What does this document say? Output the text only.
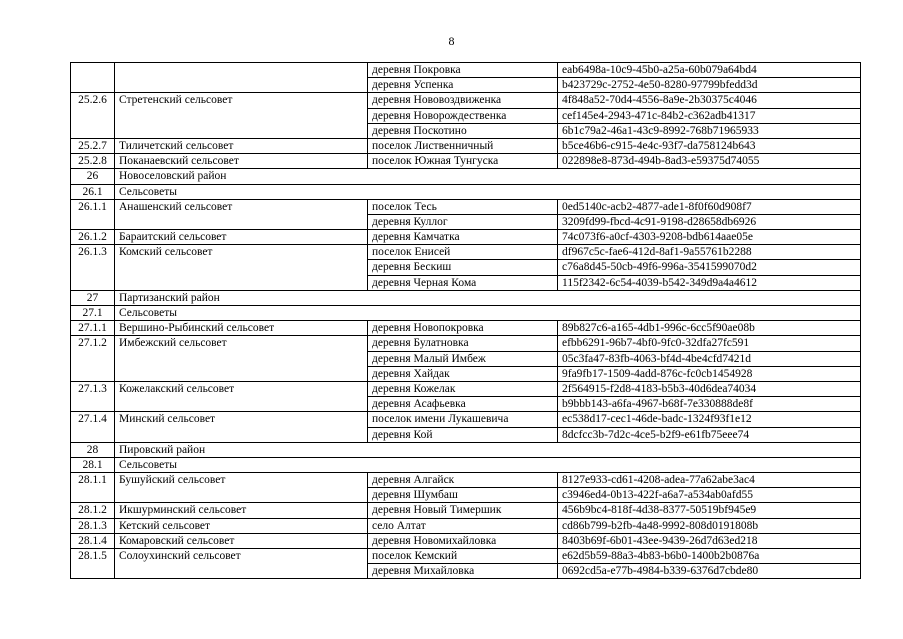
8
		деревня Покровка	eab6498a-10c9-45b0-a25a-60b079a64bd4
		деревня Успенка	b423729c-2752-4e50-8280-97799bfedd3d
25.2.6	Стретенский сельсовет	деревня Нововоздвиженка	4f848a52-70d4-4556-8a9e-2b30375c4046
		деревня Новорождественка	cef145e4-2943-471c-84b2-c362adb41317
		деревня Поскотино	6b1c79a2-46a1-43c9-8992-768b71965933
25.2.7	Тиличетский сельсовет	поселок Лиственничный	b5ce46b6-c915-4e4c-93f7-da758124b643
25.2.8	Поканаевский сельсовет	поселок Южная Тунгуска	022898e8-873d-494b-8ad3-e59375d74055
26	Новоселовский район		
26.1	Сельсоветы		
26.1.1	Анашенский сельсовет	поселок Тесь	0ed5140c-acb2-4877-ade1-8f0f60d908f7
		деревня Куллог	3209fd99-fbcd-4c91-9198-d28658db6926
26.1.2	Бараитский сельсовет	деревня Камчатка	74c073f6-a0cf-4303-9208-bdb614aae05e
26.1.3	Комский сельсовет	поселок Енисей	df967c5c-fae6-412d-8af1-9a55761b2288
		деревня Бескиш	c76a8d45-50cb-49f6-996a-3541599070d2
		деревня Черная Кома	115f2342-6c54-4039-b542-349d9a4a4612
27	Партизанский район		
27.1	Сельсоветы		
27.1.1	Вершино-Рыбинский сельсовет	деревня Новопокровка	89b827c6-a165-4db1-996c-6cc5f90ae08b
27.1.2	Имбежский сельсовет	деревня Булатновка	efbb6291-96b7-4bf0-9fc0-32dfa27fc591
		деревня Малый Имбеж	05c3fa47-83fb-4063-bf4d-4be4cfd7421d
		деревня Хайдак	9fa9fb17-1509-4add-876c-fc0cb1454928
27.1.3	Кожелакский сельсовет	деревня Кожелак	2f564915-f2d8-4183-b5b3-40d6dea74034
		деревня Асафьевка	b9bbb143-a6fa-4967-b68f-7e330888de8f
27.1.4	Минский сельсовет	поселок имени Лукашевича	ec538d17-cec1-46de-badc-1324f93f1e12
		деревня Кой	8dcfcc3b-7d2c-4ce5-b2f9-e61fb75eee74
28	Пировский район		
28.1	Сельсоветы		
28.1.1	Бушуйский сельсовет	деревня Алгайск	8127e933-cd61-4208-adea-77a62abe3ac4
		деревня Шумбаш	c3946ed4-0b13-422f-a6a7-a534ab0afd55
28.1.2	Икшурминский сельсовет	деревня Новый Тимершик	456b9bc4-818f-4d38-8377-50519bf945e9
28.1.3	Кетский сельсовет	село Алтат	cd86b799-b2fb-4a48-9992-808d0191808b
28.1.4	Комаровский сельсовет	деревня Новомихайловка	8403b69f-6b01-43ee-9439-26d7d63ed218
28.1.5	Солоухинский сельсовет	поселок Кемский	e62d5b59-88a3-4b83-b6b0-1400b2b0876a
		деревня Михайловка	0692cd5a-e77b-4984-b339-6376d7cbde80
